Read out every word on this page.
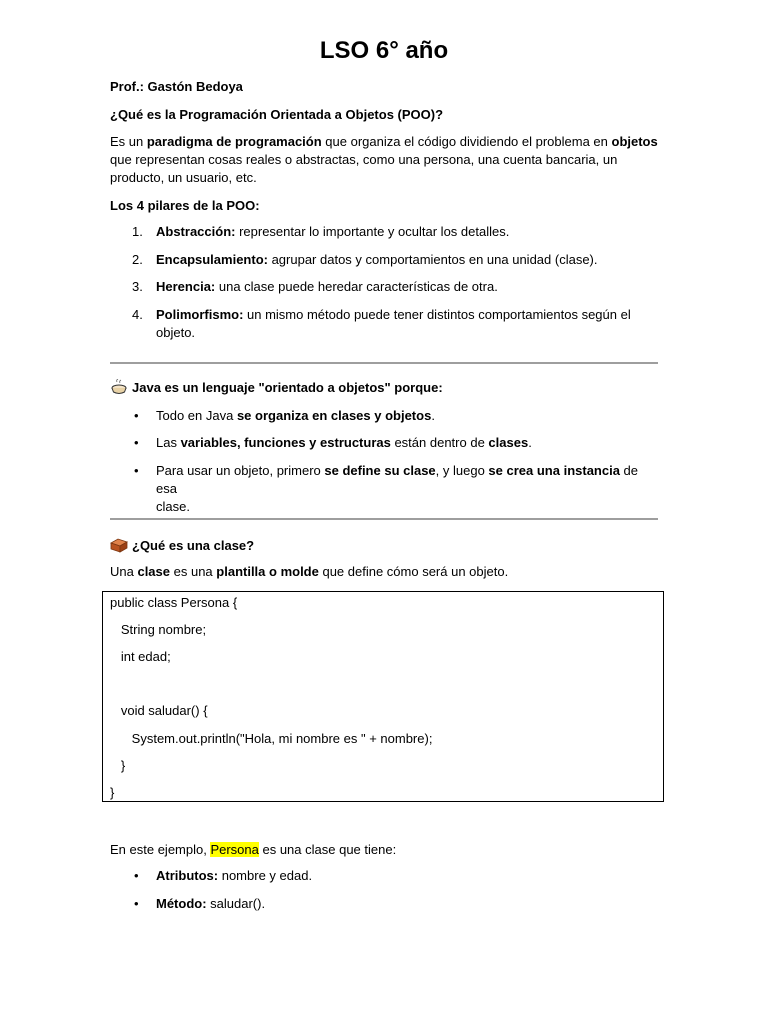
LSO 6° año

Prof.: Gastón Bedoya

¿Qué es la Programación Orientada a Objetos (POO)?

Es un paradigma de programación que organiza el código dividiendo el problema en objetos
que representan cosas reales o abstractas, como una persona, una cuenta bancaria, un
producto, un usuario, etc.

Los 4 pilares de la POO:

1.	Abstracción: representar lo importante y ocultar los detalles.
2.	Encapsulamiento: agrupar datos y comportamientos en una unidad (clase).
3.	Herencia: una clase puede heredar características de otra.
4.	Polimorfismo: un mismo método puede tener distintos comportamientos según el
objeto.

Java es un lenguaje "orientado a objetos" porque:

• Todo en Java se organiza en clases y objetos.
• Las variables, funciones y estructuras están dentro de clases.
• Para usar un objeto, primero se define su clase, y luego se crea una instancia de esa
clase.

¿Qué es una clase?

Una clase es una plantilla o molde que define cómo será un objeto.

public class Persona {
String nombre;
int edad;
void saludar() {
System.out.println("Hola, mi nombre es " + nombre);
}
}

En este ejemplo, Persona es una clase que tiene:

• Atributos: nombre y edad.
• Método: saludar().
